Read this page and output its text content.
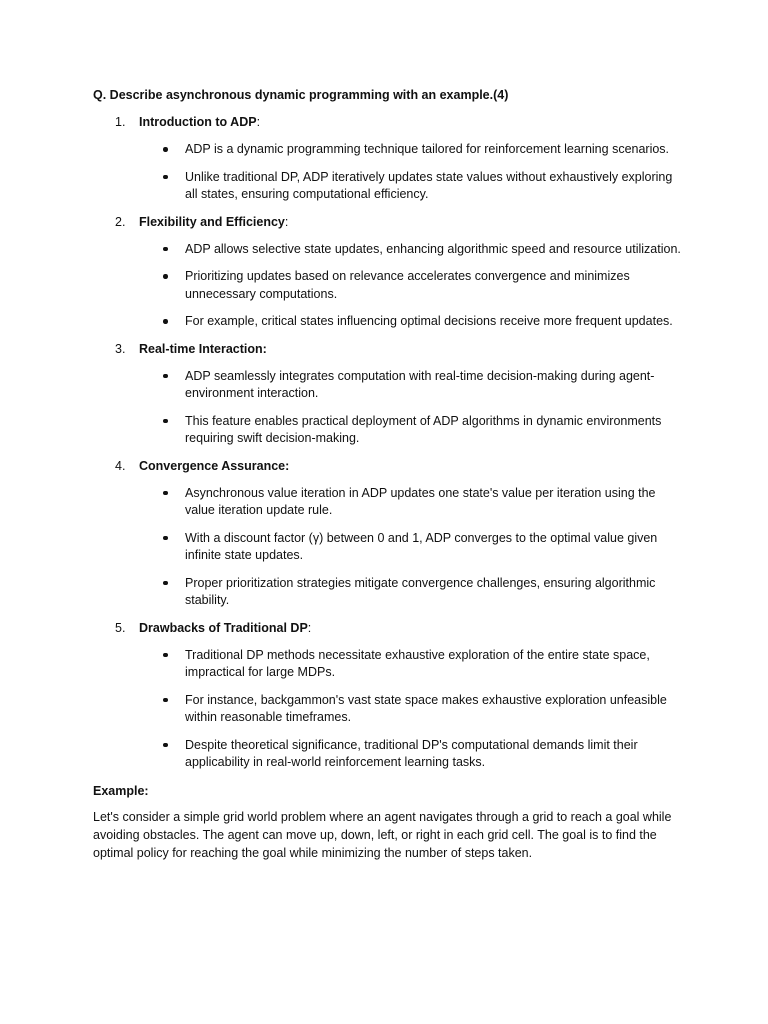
Q. Describe asynchronous dynamic programming with an example.(4)

1. Introduction to ADP:
ADP is a dynamic programming technique tailored for reinforcement learning scenarios.
Unlike traditional DP, ADP iteratively updates state values without exhaustively exploring all states, ensuring computational efficiency.
2. Flexibility and Efficiency:
ADP allows selective state updates, enhancing algorithmic speed and resource utilization.
Prioritizing updates based on relevance accelerates convergence and minimizes unnecessary computations.
For example, critical states influencing optimal decisions receive more frequent updates.
3. Real-time Interaction:
ADP seamlessly integrates computation with real-time decision-making during agent-environment interaction.
This feature enables practical deployment of ADP algorithms in dynamic environments requiring swift decision-making.
4. Convergence Assurance:
Asynchronous value iteration in ADP updates one state's value per iteration using the value iteration update rule.
With a discount factor (γ) between 0 and 1, ADP converges to the optimal value given infinite state updates.
Proper prioritization strategies mitigate convergence challenges, ensuring algorithmic stability.
5. Drawbacks of Traditional DP:
Traditional DP methods necessitate exhaustive exploration of the entire state space, impractical for large MDPs.
For instance, backgammon's vast state space makes exhaustive exploration unfeasible within reasonable timeframes.
Despite theoretical significance, traditional DP's computational demands limit their applicability in real-world reinforcement learning tasks.

Example:

Let's consider a simple grid world problem where an agent navigates through a grid to reach a goal while avoiding obstacles. The agent can move up, down, left, or right in each grid cell. The goal is to find the optimal policy for reaching the goal while minimizing the number of steps taken.
